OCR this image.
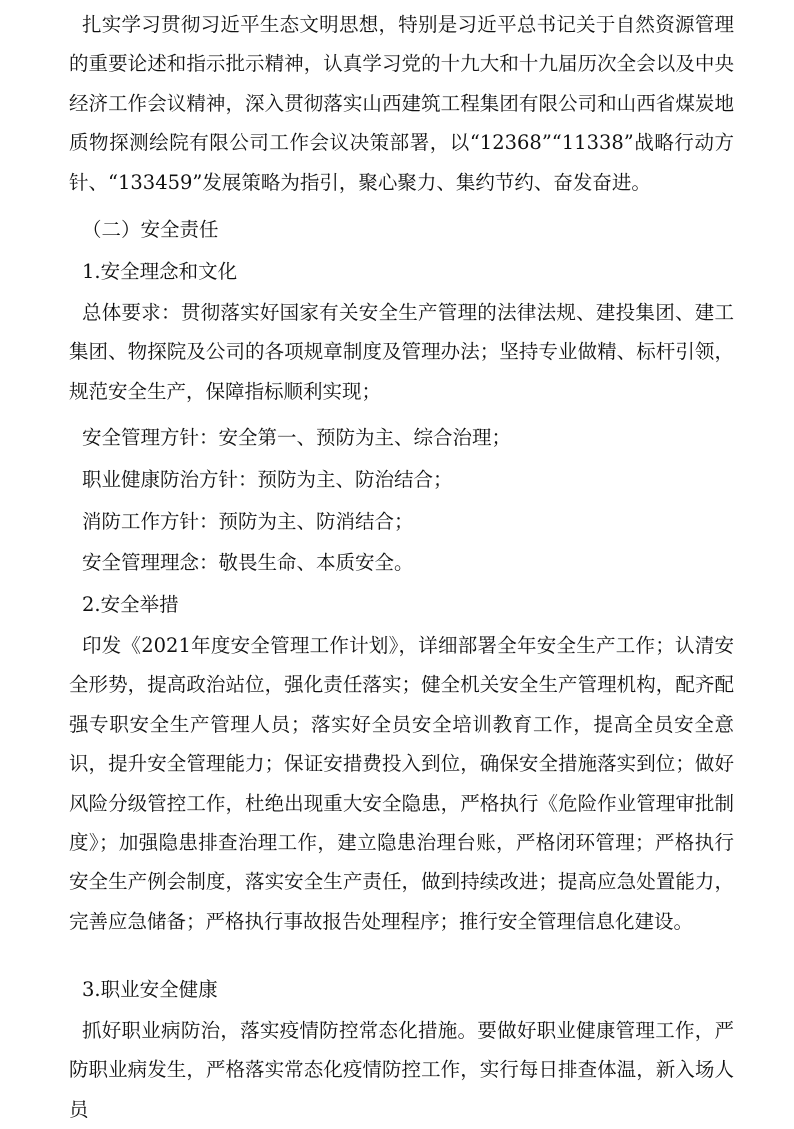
扎实学习贯彻习近平生态文明思想，特别是习近平总书记关于自然资源管理的重要论述和指示批示精神，认真学习党的十九大和十九届历次全会以及中央经济工作会议精神，深入贯彻落实山西建筑工程集团有限公司和山西省煤炭地质物探测绘院有限公司工作会议决策部署，以“12368”“11338”战略行动方针、“133459”发展策略为指引，聚心聚力、集约节约、奋发奋进。

（二）安全责任

1.安全理念和文化

总体要求：贯彻落实好国家有关安全生产管理的法律法规、建投集团、建工集团、物探院及公司的各项规章制度及管理办法；坚持专业做精、标杆引领，规范安全生产，保障指标顺利实现；

安全管理方针：安全第一、预防为主、综合治理；

职业健康防治方针：预防为主、防治结合；

消防工作方针：预防为主、防消结合；

安全管理理念：敬畏生命、本质安全。

2.安全举措

印发《2021年度安全管理工作计划》，详细部署全年安全生产工作；认清安全形势，提高政治站位，强化责任落实；健全机关安全生产管理机构，配齐配强专职安全生产管理人员；落实好全员安全培训教育工作，提高全员安全意识，提升安全管理能力；保证安措费投入到位，确保安全措施落实到位；做好风险分级管控工作，杜绝出现重大安全隐患，严格执行《危险作业管理审批制度》；加强隐患排查治理工作，建立隐患治理台账，严格闭环管理；严格执行安全生产例会制度，落实安全生产责任，做到持续改进；提高应急处置能力，完善应急储备；严格执行事故报告处理程序；推行安全管理信息化建设。

3.职业安全健康

抓好职业病防治，落实疫情防控常态化措施。要做好职业健康管理工作，严防职业病发生，严格落实常态化疫情防控工作，实行每日排查体温，新入场人员
